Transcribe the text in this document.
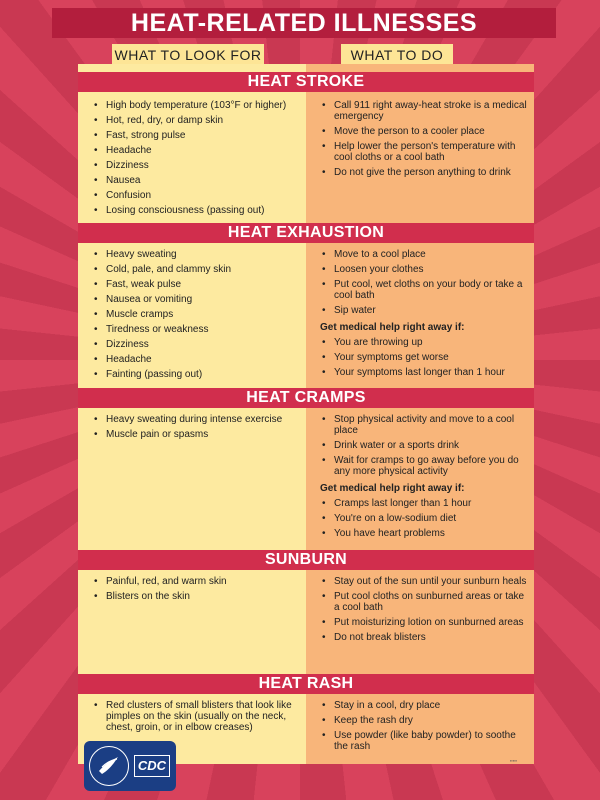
HEAT-RELATED ILLNESSES
WHAT TO LOOK FOR	WHAT TO DO
HEAT STROKE
• High body temperature (103°F or higher)
• Hot, red, dry, or damp skin
• Fast, strong pulse
• Headache
• Dizziness
• Nausea
• Confusion
• Losing consciousness (passing out)
• Call 911 right away-heat stroke is a medical emergency
• Move the person to a cooler place
• Help lower the person's temperature with cool cloths or a cool bath
• Do not give the person anything to drink
HEAT EXHAUSTION
• Heavy sweating
• Cold, pale, and clammy skin
• Fast, weak pulse
• Nausea or vomiting
• Muscle cramps
• Tiredness or weakness
• Dizziness
• Headache
• Fainting (passing out)
• Move to a cool place
• Loosen your clothes
• Put cool, wet cloths on your body or take a cool bath
• Sip water
Get medical help right away if:
• You are throwing up
• Your symptoms get worse
• Your symptoms last longer than 1 hour
HEAT CRAMPS
• Heavy sweating during intense exercise
• Muscle pain or spasms
• Stop physical activity and move to a cool place
• Drink water or a sports drink
• Wait for cramps to go away before you do any more physical activity
Get medical help right away if:
• Cramps last longer than 1 hour
• You're on a low-sodium diet
• You have heart problems
SUNBURN
• Painful, red, and warm skin
• Blisters on the skin
• Stay out of the sun until your sunburn heals
• Put cool cloths on sunburned areas or take a cool bath
• Put moisturizing lotion on sunburned areas
• Do not break blisters
HEAT RASH
• Red clusters of small blisters that look like pimples on the skin (usually on the neck, chest, groin, or in elbow creases)
• Stay in a cool, dry place
• Keep the rash dry
• Use powder (like baby powder) to soothe the rash
CDC	▪▪▪▪▪
